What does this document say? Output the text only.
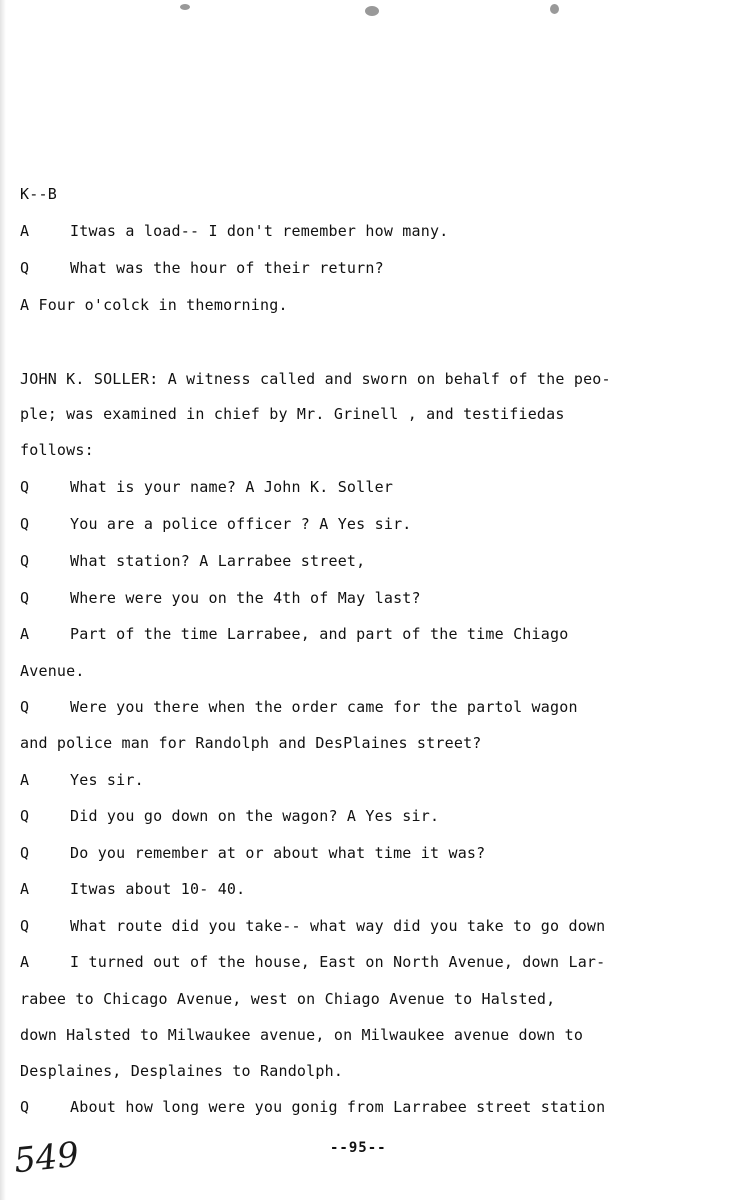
K--B
A	Itwas a load-- I don't remember how many.
Q	What was the hour of their return?
A Four o'colck in themorning.
JOHN K. SOLLER: A witness called and sworn on behalf of the peo-
ple; was examined in chief by Mr. Grinell , and testifiedas
follows:
Q	What is your name? A John K. Soller
Q	You are a police officer ? A Yes sir.
Q	What station? A Larrabee street,
Q	Where were you on the 4th of May last?
A	Part of the time Larrabee, and part of the time Chiago
Avenue.
Q	Were you there when the order came for the partol wagon
and police man for Randolph and DesPlaines street?
A	Yes sir.
Q	Did you go down on the wagon? A Yes sir.
Q	Do you remember at or about what time it was?
A	Itwas about 10- 40.
Q	What route did you take-- what way did you take to go down
A	I turned out of the house, East on North Avenue, down Lar-
rabee to Chicago Avenue, west on Chiago Avenue to Halsted,
down Halsted to Milwaukee avenue, on Milwaukee avenue down to
Desplaines, Desplaines to Randolph.
Q	About how long were you gonig from Larrabee street station
--95--
549
